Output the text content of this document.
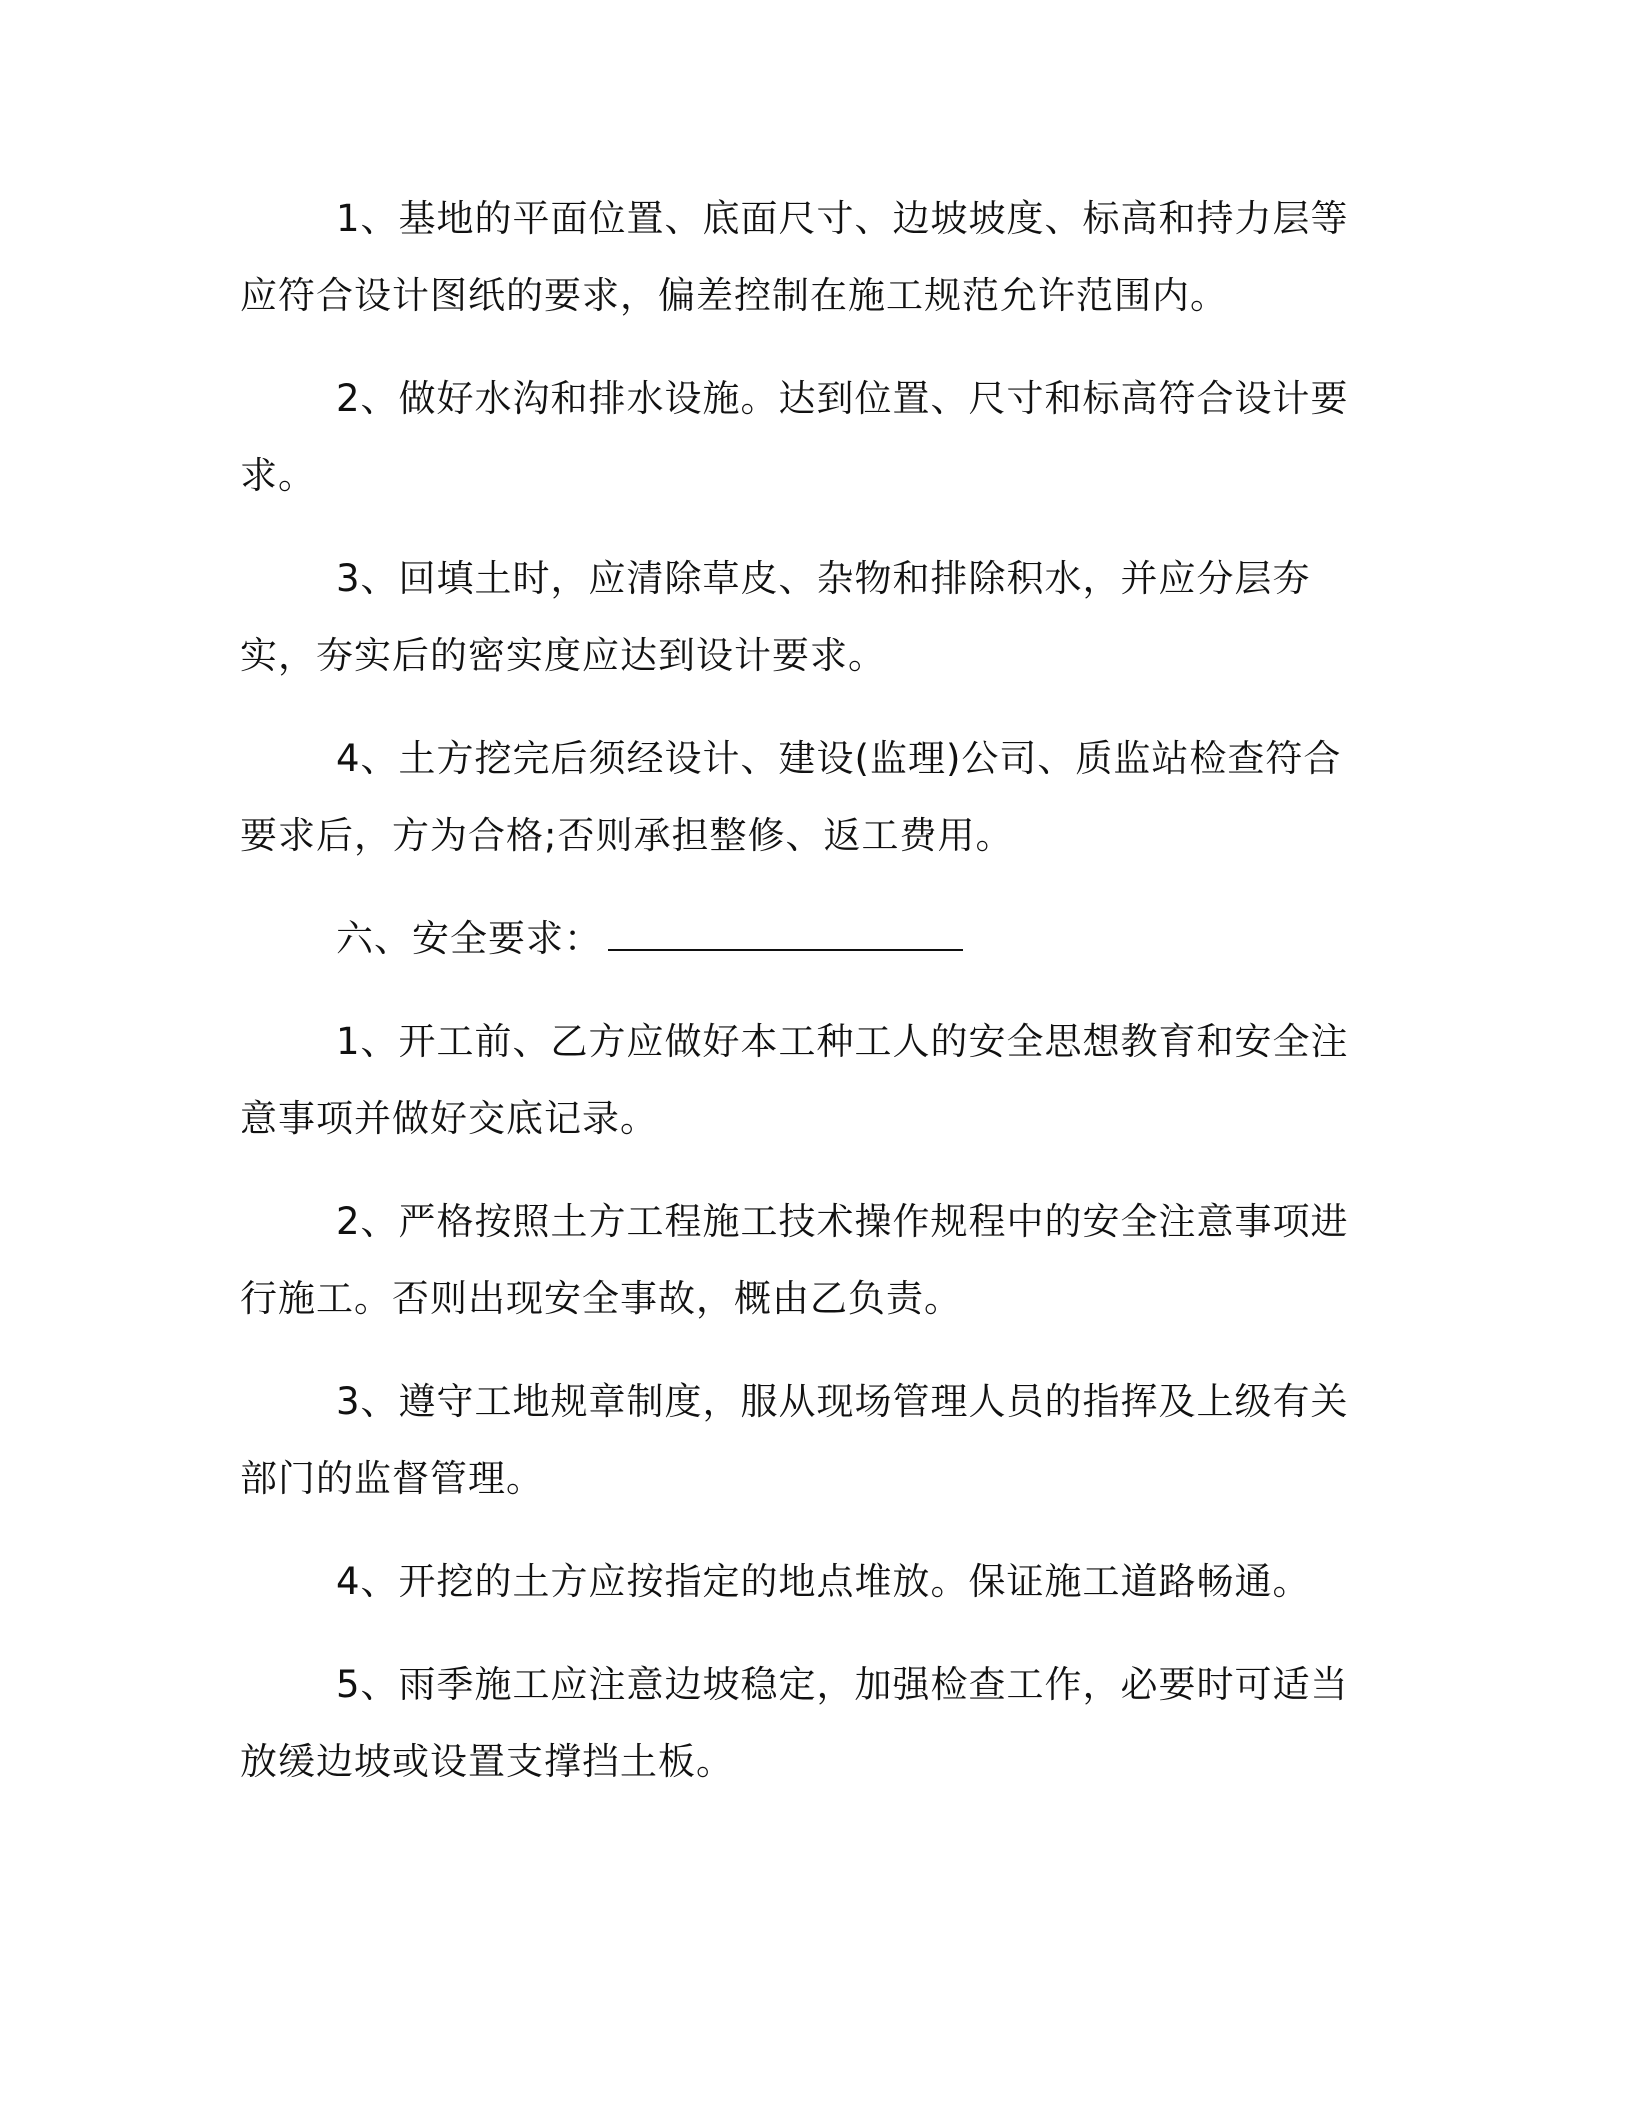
1、基地的平面位置、底面尺寸、边坡坡度、标高和持力层等应符合设计图纸的要求，偏差控制在施工规范允许范围内。

2、做好水沟和排水设施。达到位置、尺寸和标高符合设计要求。

3、回填土时，应清除草皮、杂物和排除积水，并应分层夯实，夯实后的密实度应达到设计要求。

4、土方挖完后须经设计、建设(监理)公司、质监站检查符合要求后，方为合格;否则承担整修、返工费用。

六、安全要求：

1、开工前、乙方应做好本工种工人的安全思想教育和安全注意事项并做好交底记录。

2、严格按照土方工程施工技术操作规程中的安全注意事项进行施工。否则出现安全事故，概由乙负责。

3、遵守工地规章制度，服从现场管理人员的指挥及上级有关部门的监督管理。

4、开挖的土方应按指定的地点堆放。保证施工道路畅通。

5、雨季施工应注意边坡稳定，加强检查工作，必要时可适当放缓边坡或设置支撑挡土板。
